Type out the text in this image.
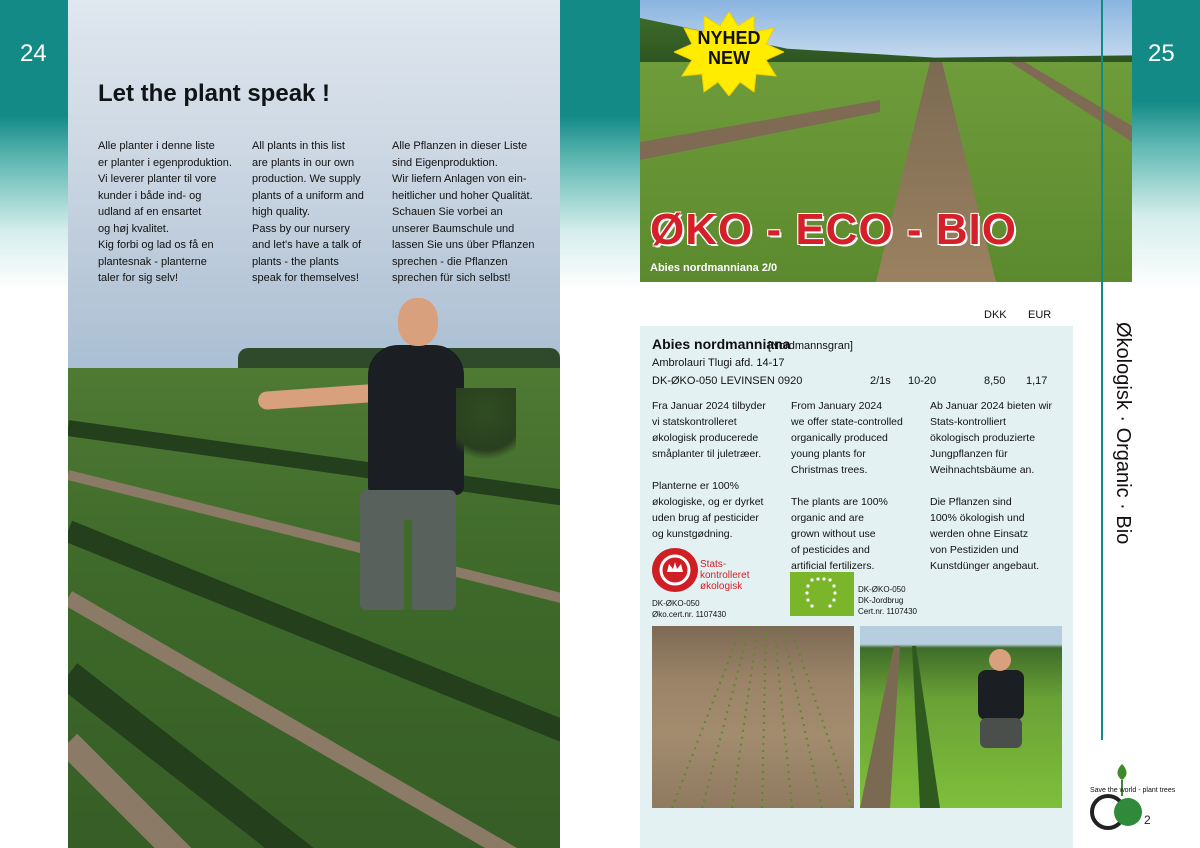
24
Let the plant speak !
Alle planter i denne liste
er planter i egenproduktion.
Vi leverer planter til vore
kunder i både ind- og
udland af en ensartet
og høj kvalitet.
Kig forbi og lad os få en
plantesnak - planterne
taler for sig selv!
All plants in this list
are plants in our own
production. We supply
plants of a uniform and
high quality.
Pass by our nursery
and let's have a talk of
plants - the plants
speak for themselves!
Alle Pflanzen in dieser Liste
sind Eigenproduktion.
Wir liefern Anlagen von ein-
heitlicher und hoher Qualität.
Schauen Sie vorbei an
unserer Baumschule und
lassen Sie uns über Pflanzen
sprechen - die Pflanzen
sprechen für sich selbst!
NYHED
NEW
ØKO - ECO - BIO
Abies nordmanniana 2/0
25
Økologisk · Organic · Bio
DKK EUR
Abies nordmanniana
[Nordmannsgran]
Ambrolauri Tlugi afd. 14-17
DK-ØKO-050 LEVINSEN 0920	2/1s 10-20	8,50 1,17
Fra Januar 2024 tilbyder
vi statskontrolleret
økologisk producerede
småplanter til juletræer.

Planterne er 100%
økologiske, og er dyrket
uden brug af pesticider
og kunstgødning.
From January 2024
we offer state-controlled
organically produced
young plants for
Christmas trees.

The plants are 100%
organic and are
grown without use
of pesticides and
artificial fertilizers.
Ab Januar 2024 bieten wir
Stats-kontrolliert
ökologisch produzierte
Jungpflanzen für
Weihnachtsbäume an.

Die Pflanzen sind
100% ökologish und
werden ohne Einsatz
von Pestiziden und
Kunstdünger angebaut.
Stats-
kontrolleret
økologisk
DK-ØKO-050
Øko.cert.nr. 1107430
DK-ØKO-050
DK-Jordbrug
Cert.nr. 1107430
2
Save the world - plant trees
